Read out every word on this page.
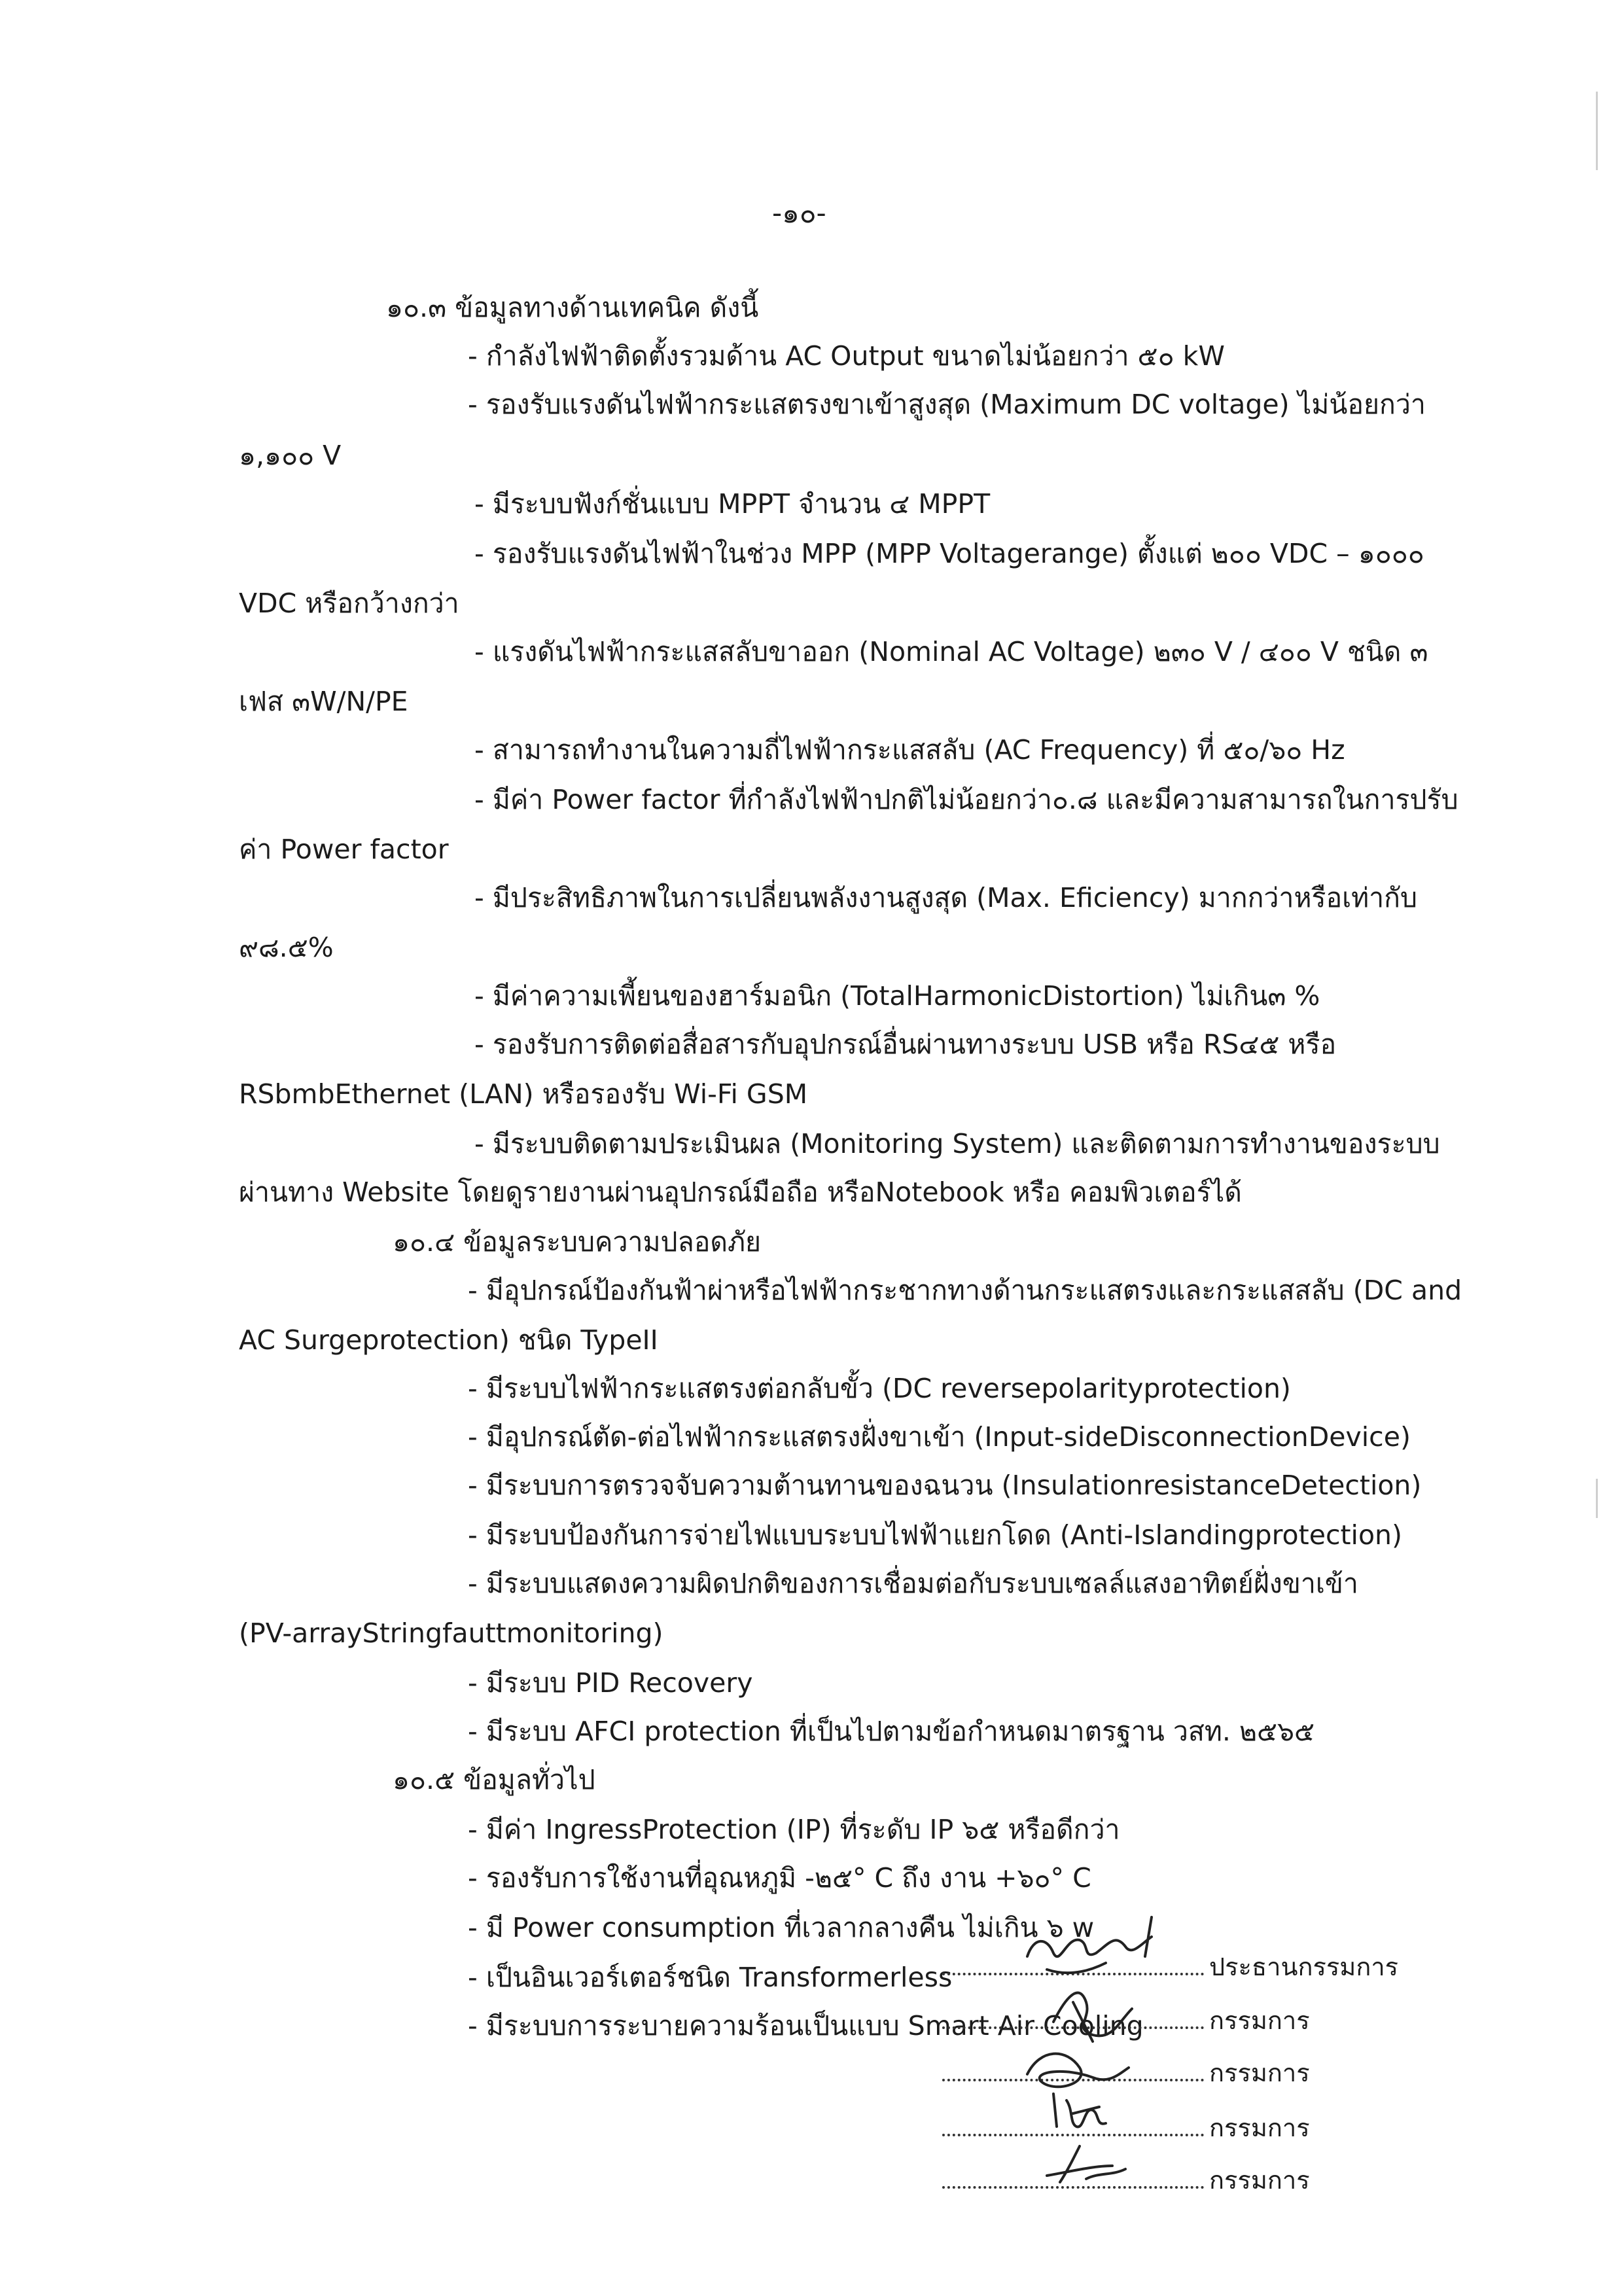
-๑๐-
๑๐.๓ ข้อมูลทางด้านเทคนิค ดังนี้
- กำลังไฟฟ้าติดตั้งรวมด้าน AC Output ขนาดไม่น้อยกว่า ๕๐ kW
- รองรับแรงดันไฟฟ้ากระแสตรงขาเข้าสูงสุด (Maximum DC voltage) ไม่น้อยกว่า
๑,๑๐๐ V
- มีระบบฟังก์ชั่นแบบ MPPT จำนวน ๔ MPPT
- รองรับแรงดันไฟฟ้าในช่วง MPP (MPP Voltagerange) ตั้งแต่ ๒๐๐ VDC – ๑๐๐๐
VDC หรือกว้างกว่า
- แรงดันไฟฟ้ากระแสสลับขาออก (Nominal AC Voltage) ๒๓๐ V / ๔๐๐ V ชนิด ๓
เฟส ๓W/N/PE
- สามารถทำงานในความถี่ไฟฟ้ากระแสสลับ (AC Frequency) ที่ ๕๐/๖๐ Hz
- มีค่า Power factor ที่กำลังไฟฟ้าปกติไม่น้อยกว่า๐.๘ และมีความสามารถในการปรับ
ค่า Power factor
- มีประสิทธิภาพในการเปลี่ยนพลังงานสูงสุด (Max. Eficiency) มากกว่าหรือเท่ากับ
๙๘.๕%
- มีค่าความเพี้ยนของฮาร์มอนิก (TotalHarmonicDistortion) ไม่เกิน๓ %
- รองรับการติดต่อสื่อสารกับอุปกรณ์อื่นผ่านทางระบบ USB หรือ RS๔๕ หรือ
RSbmbEthernet (LAN) หรือรองรับ Wi-Fi GSM
- มีระบบติดตามประเมินผล (Monitoring System) และติดตามการทำงานของระบบ
ผ่านทาง Website โดยดูรายงานผ่านอุปกรณ์มือถือ หรือNotebook หรือ คอมพิวเตอร์ได้
๑๐.๔ ข้อมูลระบบความปลอดภัย
- มีอุปกรณ์ป้องกันฟ้าผ่าหรือไฟฟ้ากระชากทางด้านกระแสตรงและกระแสสลับ (DC and
AC Surgeprotection) ชนิด TypeII
- มีระบบไฟฟ้ากระแสตรงต่อกลับขั้ว (DC reversepolarityprotection)
- มีอุปกรณ์ตัด-ต่อไฟฟ้ากระแสตรงฝั่งขาเข้า (Input-sideDisconnectionDevice)
- มีระบบการตรวจจับความต้านทานของฉนวน (InsulationresistanceDetection)
- มีระบบป้องกันการจ่ายไฟแบบระบบไฟฟ้าแยกโดด (Anti-Islandingprotection)
- มีระบบแสดงความผิดปกติของการเชื่อมต่อกับระบบเซลล์แสงอาทิตย์ฝั่งขาเข้า
(PV-arrayStringfauttmonitoring)
- มีระบบ PID Recovery
- มีระบบ AFCI protection ที่เป็นไปตามข้อกำหนดมาตรฐาน วสท. ๒๕๖๕
๑๐.๕ ข้อมูลทั่วไป
- มีค่า IngressProtection (IP) ที่ระดับ IP ๖๕ หรือดีกว่า
- รองรับการใช้งานที่อุณหภูมิ -๒๕° C ถึง งาน +๖๐° C
- มี Power consumption ที่เวลากลางคืน ไม่เกิน ๖ w
- เป็นอินเวอร์เตอร์ชนิด Transformerless
- มีระบบการระบายความร้อนเป็นแบบ Smart Air Cooling
ประธานกรรมการ
กรรมการ
กรรมการ
กรรมการ
กรรมการ
